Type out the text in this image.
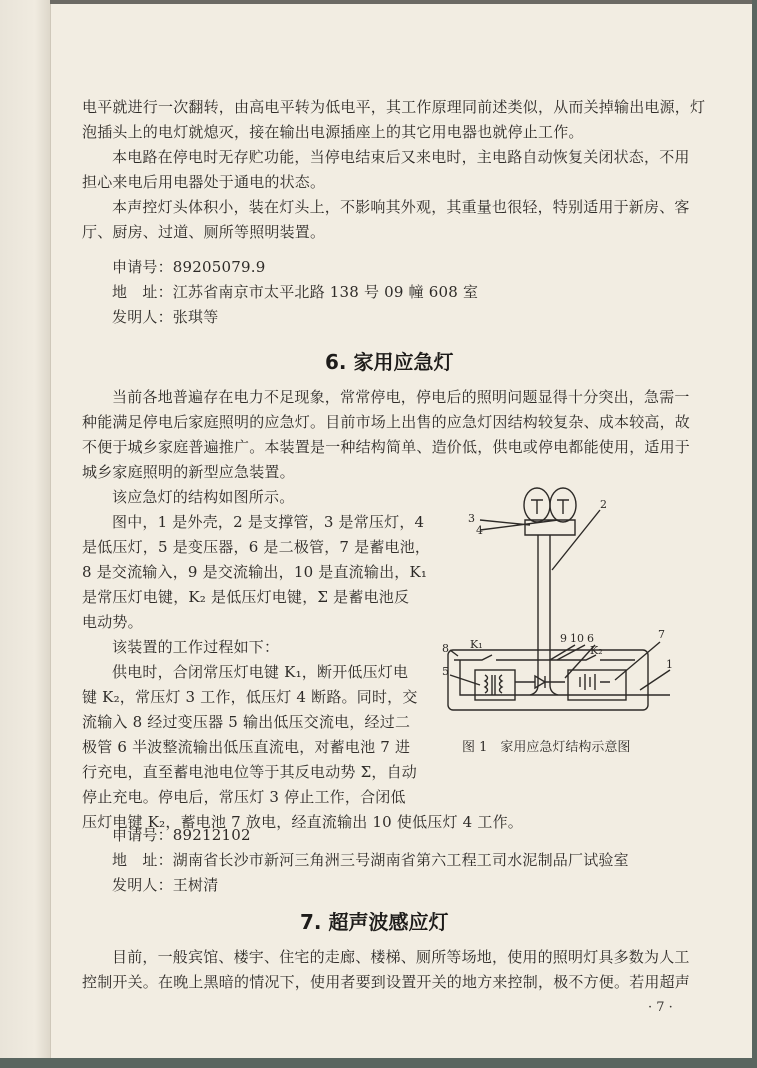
电平就进行一次翻转，由高电平转为低电平，其工作原理同前述类似，从而关掉输出电源，灯
泡插头上的电灯就熄灭，接在输出电源插座上的其它用电器也就停止工作。
本电路在停电时无存贮功能，当停电结束后又来电时，主电路自动恢复关闭状态，不用
担心来电后用电器处于通电的状态。
本声控灯头体积小，装在灯头上，不影响其外观，其重量也很轻，特别适用于新房、客
厅、厨房、过道、厕所等照明装置。
申请号：89205079.9
地　址：江苏省南京市太平北路 138 号 09 幢 608 室
发明人：张琪等
6. 家用应急灯
当前各地普遍存在电力不足现象，常常停电，停电后的照明问题显得十分突出，急需一
种能满足停电后家庭照明的应急灯。目前市场上出售的应急灯因结构较复杂、成本较高，故
不便于城乡家庭普遍推广。本装置是一种结构简单、造价低，供电或停电都能使用，适用于
城乡家庭照明的新型应急装置。
该应急灯的结构如图所示。
图中，1 是外壳，2 是支撑管，3 是常压灯，4
是低压灯，5 是变压器，6 是二极管，7 是蓄电池，
8 是交流输入，9 是交流输出，10 是直流输出，K₁
是常压灯电键，K₂ 是低压灯电键，Σ 是蓄电池反
电动势。
该装置的工作过程如下：
供电时，合闭常压灯电键 K₁，断开低压灯电
键 K₂，常压灯 3 工作，低压灯 4 断路。同时，交
流输入 8 经过变压器 5 输出低压交流电，经过二
极管 6 半波整流输出低压直流电，对蓄电池 7 进
行充电，直至蓄电池电位等于其反电动势 Σ，自动
停止充电。停电后，常压灯 3 停止工作，合闭低
压灯电键 K₂，蓄电池 7 放电，经直流输出 10 使低压灯 4 工作。
3
4
2
8
5
9 10 6
K₁	K₂
7
1
图 1　家用应急灯结构示意图
申请号：89212102
地　址：湖南省长沙市新河三角洲三号湖南省第六工程工司水泥制品厂试验室
发明人：王树清
7. 超声波感应灯
目前，一般宾馆、楼宇、住宅的走廊、楼梯、厕所等场地，使用的照明灯具多数为人工
控制开关。在晚上黑暗的情况下，使用者要到设置开关的地方来控制，极不方便。若用超声
· 7 ·
